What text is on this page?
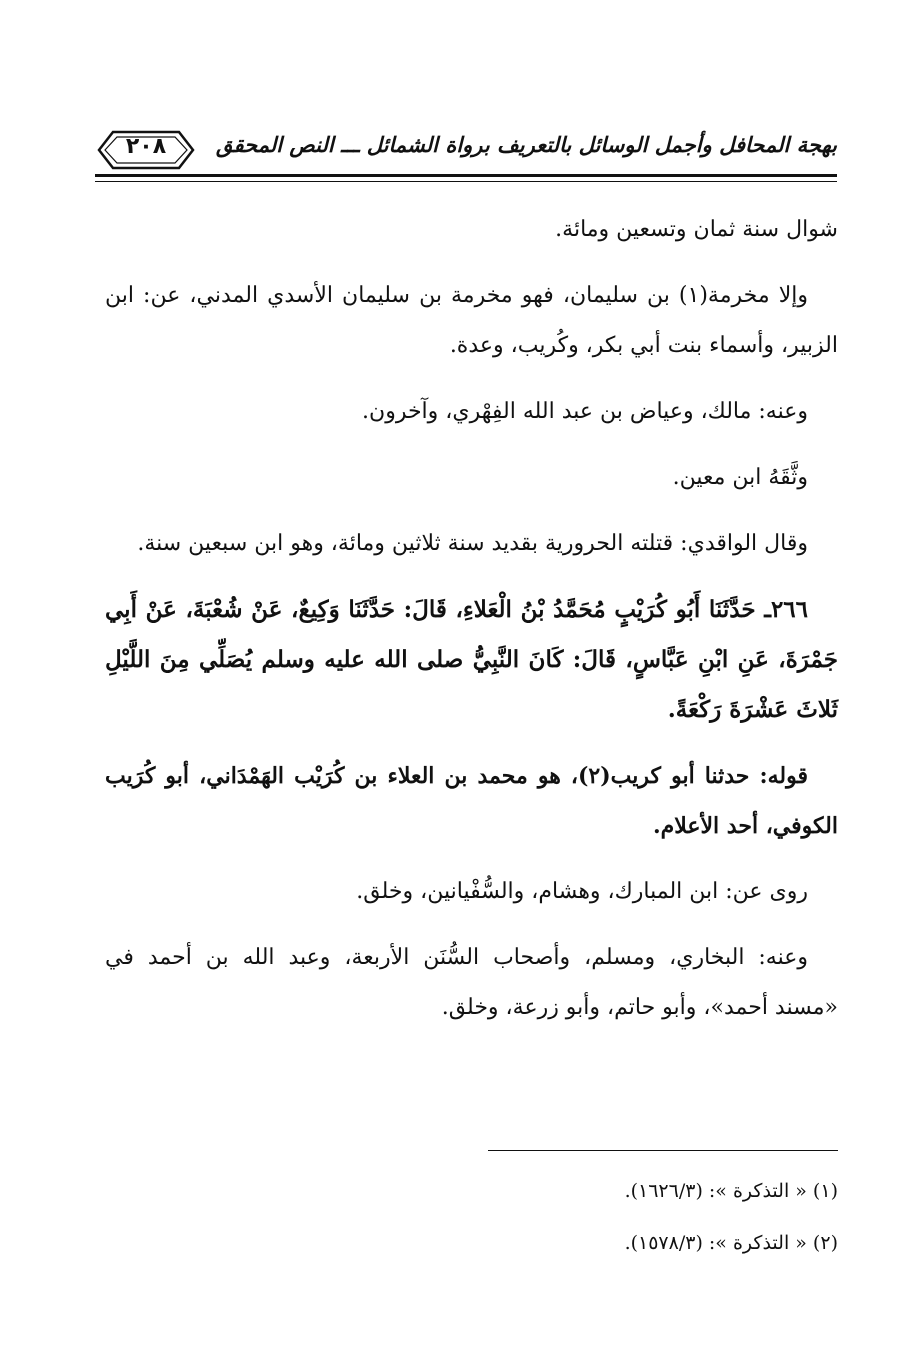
٢٠٨	بهجة المحافل وأجمل الوسائل بالتعريف برواة الشمائل ـــ النص المحقق

شوال سنة ثمان وتسعين ومائة.

وإلا مخرمة(١) بن سليمان، فهو مخرمة بن سليمان الأسدي المدني، عن: ابن الزبير، وأسماء بنت أبي بكر، وكُريب، وعدة.

وعنه: مالك، وعياض بن عبد الله الفِهْري، وآخرون.

وثَّقَهُ ابن معين.

وقال الواقدي: قتلته الحرورية بقديد سنة ثلاثين ومائة، وهو ابن سبعين سنة.

٢٦٦ـ حَدَّثَنَا أَبُو كُرَيْبٍ مُحَمَّدُ بْنُ الْعَلاءِ، قَالَ: حَدَّثَنَا وَكِيعٌ، عَنْ شُعْبَةَ، عَنْ أَبِي جَمْرَةَ، عَنِ ابْنِ عَبَّاسٍ، قَالَ: كَانَ النَّبِيُّ صلى الله عليه وسلم يُصَلِّي مِنَ اللَّيْلِ ثَلاثَ عَشْرَةَ رَكْعَةً.

قوله: حدثنا أبو كريب(٢)، هو محمد بن العلاء بن كُرَيْب الهَمْدَاني، أبو كُرَيب الكوفي، أحد الأعلام.

روى عن: ابن المبارك، وهشام، والسُّفْيانين، وخلق.

وعنه: البخاري، ومسلم، وأصحاب السُّنَن الأربعة، وعبد الله بن أحمد في «مسند أحمد»، وأبو حاتم، وأبو زرعة، وخلق.

(١) « التذكرة »: (١٦٢٦/٣).

(٢) « التذكرة »: (١٥٧٨/٣).
